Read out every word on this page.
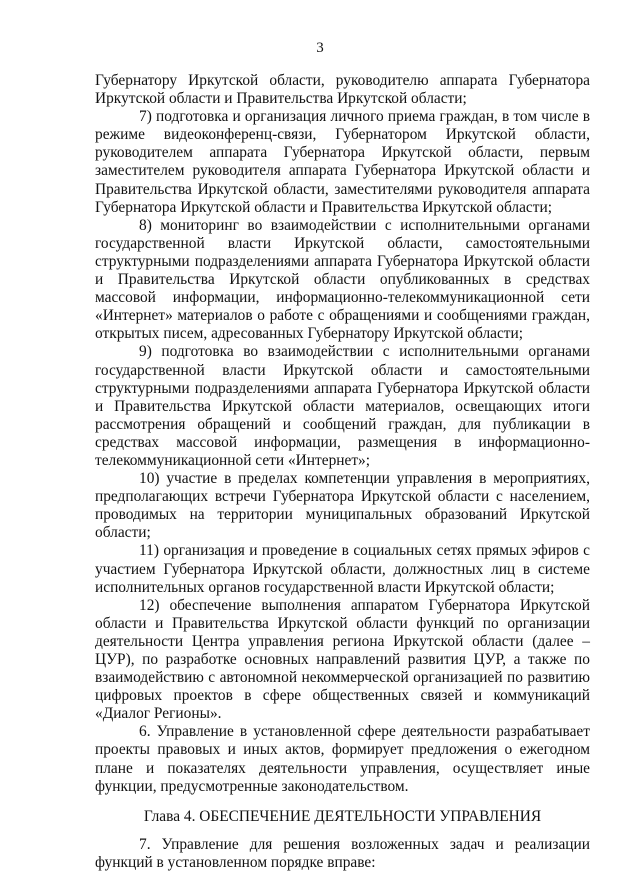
3

Губернатору Иркутской области, руководителю аппарата Губернатора Иркутской области и Правительства Иркутской области;

7) подготовка и организация личного приема граждан, в том числе в режиме видеоконференц-связи, Губернатором Иркутской области, руководителем аппарата Губернатора Иркутской области, первым заместителем руководителя аппарата Губернатора Иркутской области и Правительства Иркутской области, заместителями руководителя аппарата Губернатора Иркутской области и Правительства Иркутской области;

8) мониторинг во взаимодействии с исполнительными органами государственной власти Иркутской области, самостоятельными структурными подразделениями аппарата Губернатора Иркутской области и Правительства Иркутской области опубликованных в средствах массовой информации, информационно-телекоммуникационной сети «Интернет» материалов о работе с обращениями и сообщениями граждан, открытых писем, адресованных Губернатору Иркутской области;

9) подготовка во взаимодействии с исполнительными органами государственной власти Иркутской области и самостоятельными структурными подразделениями аппарата Губернатора Иркутской области и Правительства Иркутской области материалов, освещающих итоги рассмотрения обращений и сообщений граждан, для публикации в средствах массовой информации, размещения в информационно-телекоммуникационной сети «Интернет»;

10) участие в пределах компетенции управления в мероприятиях, предполагающих встречи Губернатора Иркутской области с населением, проводимых на территории муниципальных образований Иркутской области;

11) организация и проведение в социальных сетях прямых эфиров с участием Губернатора Иркутской области, должностных лиц в системе исполнительных органов государственной власти Иркутской области;

12) обеспечение выполнения аппаратом Губернатора Иркутской области и Правительства Иркутской области функций по организации деятельности Центра управления региона Иркутской области (далее – ЦУР), по разработке основных направлений развития ЦУР, а также по взаимодействию с автономной некоммерческой организацией по развитию цифровых проектов в сфере общественных связей и коммуникаций «Диалог Регионы».

6. Управление в установленной сфере деятельности разрабатывает проекты правовых и иных актов, формирует предложения о ежегодном плане и показателях деятельности управления, осуществляет иные функции, предусмотренные законодательством.

Глава 4. ОБЕСПЕЧЕНИЕ ДЕЯТЕЛЬНОСТИ УПРАВЛЕНИЯ

7. Управление для решения возложенных задач и реализации функций в установленном порядке вправе:
